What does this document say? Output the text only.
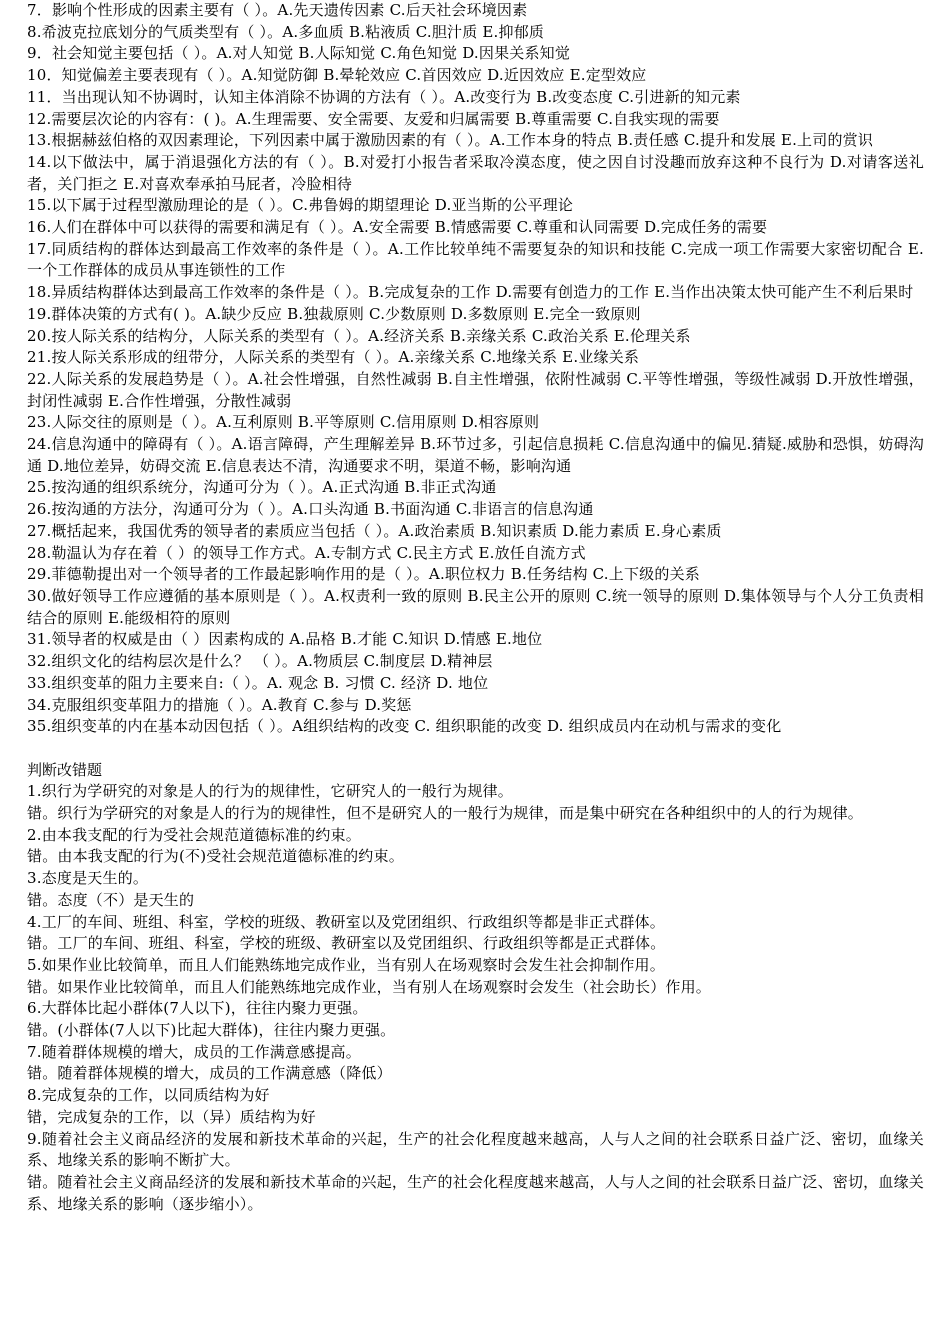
7．影响个性形成的因素主要有（ ）。A.先天遗传因素 C.后天社会环境因素

8.希波克拉底划分的气质类型有（ ）。A.多血质 B.粘液质 C.胆汁质 E.抑郁质

9．社会知觉主要包括（ ）。A.对人知觉 B.人际知觉 C.角色知觉 D.因果关系知觉

10．知觉偏差主要表现有（ ）。A.知觉防御 B.晕轮效应 C.首因效应 D.近因效应 E.定型效应

11．当出现认知不协调时，认知主体消除不协调的方法有（ ）。A.改变行为 B.改变态度 C.引进新的知元素

12.需要层次论的内容有：( )。A.生理需要、安全需要、友爱和归属需要 B.尊重需要 C.自我实现的需要

13.根据赫兹伯格的双因素理论，下列因素中属于激励因素的有（ ）。A.工作本身的特点 B.责任感 C.提升和发展 E.上司的赏识

14.以下做法中，属于消退强化方法的有（ ）。B.对爱打小报告者采取冷漠态度，使之因自讨没趣而放弃这种不良行为 D.对请客送礼者，关门拒之 E.对喜欢奉承拍马屁者，冷脸相待

15.以下属于过程型激励理论的是（ ）。C.弗鲁姆的期望理论 D.亚当斯的公平理论

16.人们在群体中可以获得的需要和满足有（ ）。A.安全需要 B.情感需要 C.尊重和认同需要 D.完成任务的需要

17.同质结构的群体达到最高工作效率的条件是（ ）。A.工作比较单纯不需要复杂的知识和技能 C.完成一项工作需要大家密切配合 E.一个工作群体的成员从事连锁性的工作

18.异质结构群体达到最高工作效率的条件是（ ）。B.完成复杂的工作 D.需要有创造力的工作 E.当作出决策太快可能产生不利后果时

19.群体决策的方式有( )。A.缺少反应 B.独裁原则 C.少数原则 D.多数原则 E.完全一致原则

20.按人际关系的结构分，人际关系的类型有（ ）。A.经济关系 B.亲缘关系 C.政治关系 E.伦理关系

21.按人际关系形成的纽带分，人际关系的类型有（ ）。A.亲缘关系 C.地缘关系 E.业缘关系

22.人际关系的发展趋势是（ ）。A.社会性增强，自然性减弱 B.自主性增强，依附性减弱 C.平等性增强，等级性减弱 D.开放性增强，封闭性减弱 E.合作性增强，分散性减弱

23.人际交往的原则是（ ）。A.互利原则 B.平等原则 C.信用原则 D.相容原则

24.信息沟通中的障碍有（ ）。A.语言障碍，产生理解差异 B.环节过多，引起信息损耗 C.信息沟通中的偏见.猜疑.威胁和恐惧，妨碍沟通 D.地位差异，妨碍交流 E.信息表达不清，沟通要求不明，渠道不畅，影响沟通

25.按沟通的组织系统分，沟通可分为（ ）。A.正式沟通 B.非正式沟通

26.按沟通的方法分，沟通可分为（ ）。A.口头沟通 B.书面沟通 C.非语言的信息沟通

27.概括起来，我国优秀的领导者的素质应当包括（ ）。A.政治素质 B.知识素质 D.能力素质 E.身心素质

28.勒温认为存在着（ ）的领导工作方式。A.专制方式 C.民主方式 E.放任自流方式

29.菲德勒提出对一个领导者的工作最起影响作用的是（ ）。A.职位权力 B.任务结构 C.上下级的关系

30.做好领导工作应遵循的基本原则是（ ）。A.权责利一致的原则 B.民主公开的原则 C.统一领导的原则 D.集体领导与个人分工负责相结合的原则 E.能级相符的原则

31.领导者的权威是由（ ）因素构成的 A.品格 B.才能 C.知识 D.情感 E.地位

32.组织文化的结构层次是什么？ （ ）。A.物质层 C.制度层 D.精神层

33.组织变革的阻力主要来自:（ ）。A. 观念 B. 习惯 C. 经济 D. 地位

34.克服组织变革阻力的措施（ ）。A.教育 C.参与 D.奖惩

35.组织变革的内在基本动因包括（ ）。A组织结构的改变 C. 组织职能的改变 D. 组织成员内在动机与需求的变化

判断改错题

1.织行为学研究的对象是人的行为的规律性，它研究人的一般行为规律。

错。织行为学研究的对象是人的行为的规律性，但不是研究人的一般行为规律，而是集中研究在各种组织中的人的行为规律。

2.由本我支配的行为受社会规范道德标准的约束。

错。由本我支配的行为(不)受社会规范道德标准的约束。

3.态度是天生的。

错。态度（不）是天生的

4.工厂的车间、班组、科室，学校的班级、教研室以及党团组织、行政组织等都是非正式群体。

错。工厂的车间、班组、科室，学校的班级、教研室以及党团组织、行政组织等都是正式群体。

5.如果作业比较简单，而且人们能熟练地完成作业，当有别人在场观察时会发生社会抑制作用。

错。如果作业比较简单，而且人们能熟练地完成作业，当有别人在场观察时会发生（社会助长）作用。

6.大群体比起小群体(7人以下)，往往内聚力更强。

错。(小群体(7人以下)比起大群体)，往往内聚力更强。

7.随着群体规模的增大，成员的工作满意感提高。

错。随着群体规模的增大，成员的工作满意感（降低）

8.完成复杂的工作，以同质结构为好

错，完成复杂的工作，以（异）质结构为好

9.随着社会主义商品经济的发展和新技术革命的兴起，生产的社会化程度越来越高，人与人之间的社会联系日益广泛、密切，血缘关系、地缘关系的影响不断扩大。

错。随着社会主义商品经济的发展和新技术革命的兴起，生产的社会化程度越来越高，人与人之间的社会联系日益广泛、密切，血缘关系、地缘关系的影响（逐步缩小）。
